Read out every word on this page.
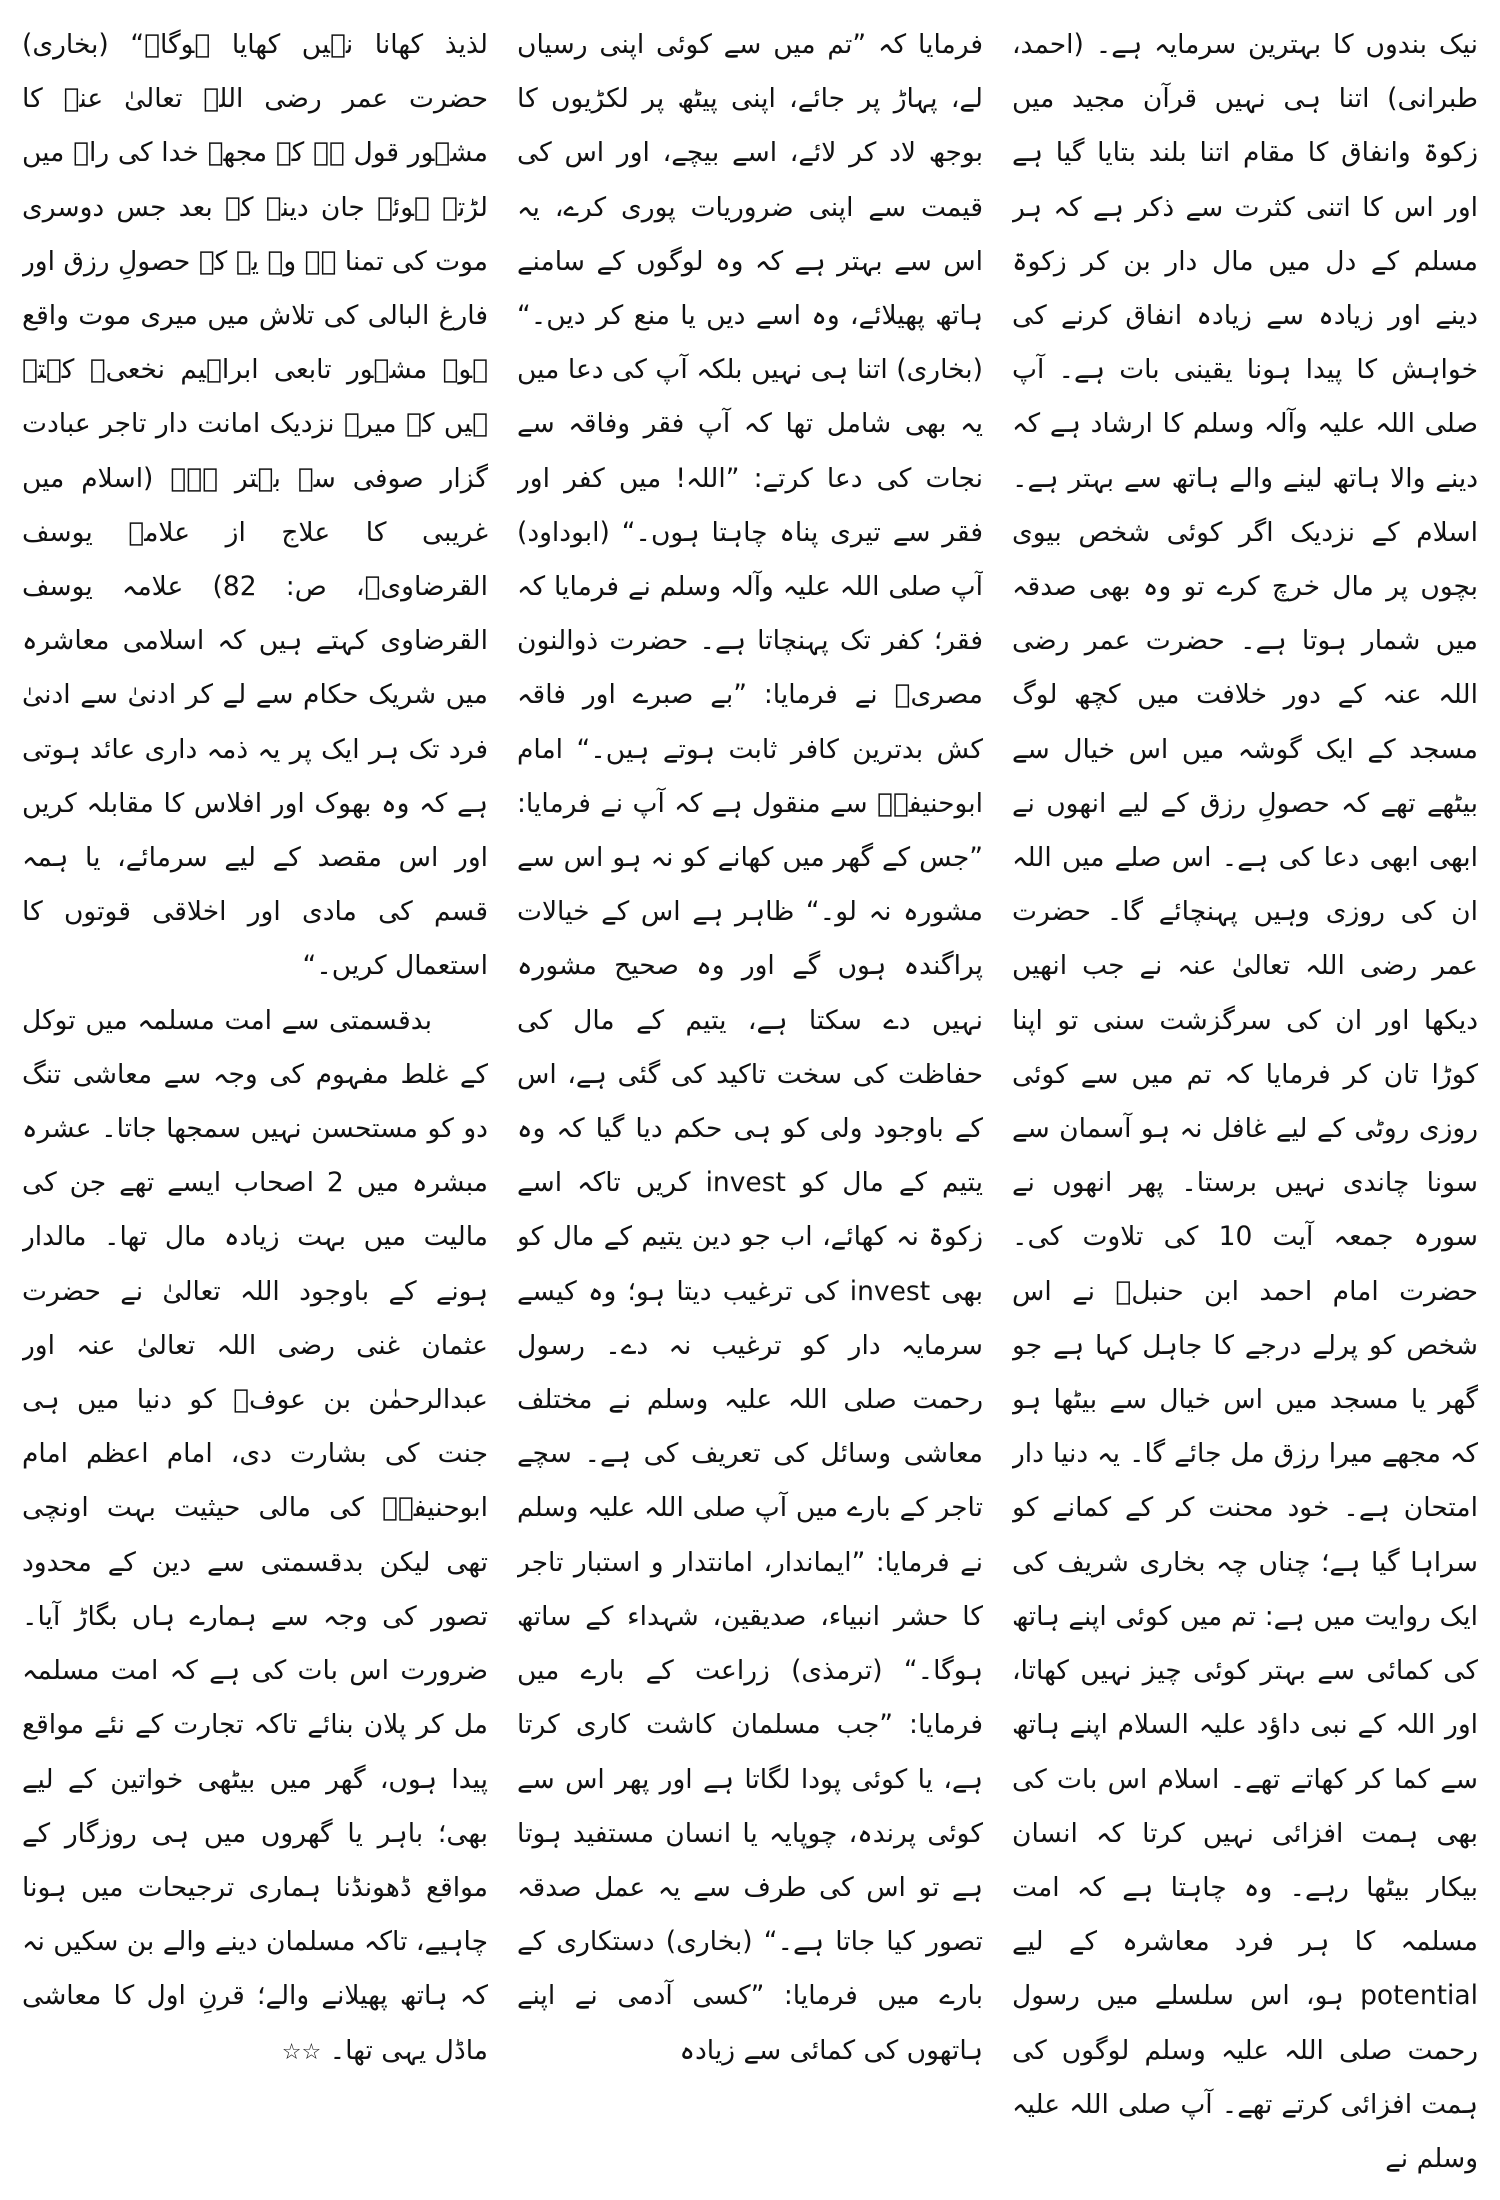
نیک بندوں کا بہترین سرمایہ ہے۔ (احمد، طبرانی) اتنا ہی نہیں قرآن مجید میں زکوۃ وانفاق کا مقام اتنا بلند بتایا گیا ہے اور اس کا اتنی کثرت سے ذکر ہے کہ ہر مسلم کے دل میں مال دار بن کر زکوۃ دینے اور زیادہ سے زیادہ انفاق کرنے کی خواہش کا پیدا ہونا یقینی بات ہے۔ آپ صلی اللہ علیہ وآلہ وسلم کا ارشاد ہے کہ دینے والا ہاتھ لینے والے ہاتھ سے بہتر ہے۔ اسلام کے نزدیک اگر کوئی شخص بیوی بچوں پر مال خرچ کرے تو وہ بھی صدقہ میں شمار ہوتا ہے۔ حضرت عمر رضی اللہ عنہ کے دور خلافت میں کچھ لوگ مسجد کے ایک گوشہ میں اس خیال سے بیٹھے تھے کہ حصولِ رزق کے لیے انھوں نے ابھی ابھی دعا کی ہے۔ اس صلے میں اللہ ان کی روزی وہیں پہنچائے گا۔ حضرت عمر رضی اللہ تعالیٰ عنہ نے جب انھیں دیکھا اور ان کی سرگزشت سنی تو اپنا کوڑا تان کر فرمایا کہ تم میں سے کوئی روزی روٹی کے لیے غافل نہ ہو آسمان سے سونا چاندی نہیں برستا۔ پھر انھوں نے سورہ جمعہ آیت 10 کی تلاوت کی۔ حضرت امام احمد ابن حنبلؒ نے اس شخص کو پرلے درجے کا جاہل کہا ہے جو گھر یا مسجد میں اس خیال سے بیٹھا ہو کہ مجھے میرا رزق مل جائے گا۔ یہ دنیا دار امتحان ہے۔ خود محنت کر کے کمانے کو سراہا گیا ہے؛ چناں چہ بخاری شریف کی ایک روایت میں ہے: تم میں کوئی اپنے ہاتھ کی کمائی سے بہتر کوئی چیز نہیں کھاتا، اور اللہ کے نبی داؤد علیہ السلام اپنے ہاتھ سے کما کر کھاتے تھے۔ اسلام اس بات کی بھی ہمت افزائی نہیں کرتا کہ انسان بیکار بیٹھا رہے۔ وہ چاہتا ہے کہ امت مسلمہ کا ہر فرد معاشرہ کے لیے potential ہو، اس سلسلے میں رسول رحمت صلی اللہ علیہ وسلم لوگوں کی ہمت افزائی کرتے تھے۔ آپ صلی اللہ علیہ وسلم نے

فرمایا کہ ”تم میں سے کوئی اپنی رسیاں لے، پہاڑ پر جائے، اپنی پیٹھ پر لکڑیوں کا بوجھ لاد کر لائے، اسے بیچے، اور اس کی قیمت سے اپنی ضروریات پوری کرے، یہ اس سے بہتر ہے کہ وہ لوگوں کے سامنے ہاتھ پھیلائے، وہ اسے دیں یا منع کر دیں۔“ (بخاری) اتنا ہی نہیں بلکہ آپ کی دعا میں یہ بھی شامل تھا کہ آپ فقر وفاقہ سے نجات کی دعا کرتے: ”اللہ! میں کفر اور فقر سے تیری پناہ چاہتا ہوں۔“ (ابوداود) آپ صلی اللہ علیہ وآلہ وسلم نے فرمایا کہ فقر؛ کفر تک پہنچاتا ہے۔ حضرت ذوالنون مصریؒ نے فرمایا: ”بے صبرے اور فاقہ کش بدترین کافر ثابت ہوتے ہیں۔“ امام ابوحنیفہؒ سے منقول ہے کہ آپ نے فرمایا: ”جس کے گھر میں کھانے کو نہ ہو اس سے مشورہ نہ لو۔“ ظاہر ہے اس کے خیالات پراگندہ ہوں گے اور وہ صحیح مشورہ نہیں دے سکتا ہے، یتیم کے مال کی حفاظت کی سخت تاکید کی گئی ہے، اس کے باوجود ولی کو ہی حکم دیا گیا کہ وہ یتیم کے مال کو invest کریں تاکہ اسے زکوۃ نہ کھائے، اب جو دین یتیم کے مال کو بھی invest کی ترغیب دیتا ہو؛ وہ کیسے سرمایہ دار کو ترغیب نہ دے۔ رسول رحمت صلی اللہ علیہ وسلم نے مختلف معاشی وسائل کی تعریف کی ہے۔ سچے تاجر کے بارے میں آپ صلی اللہ علیہ وسلم نے فرمایا: ”ایماندار، امانتدار و استبار تاجر کا حشر انبیاء، صدیقین، شہداء کے ساتھ ہوگا۔“ (ترمذی) زراعت کے بارے میں فرمایا: ”جب مسلمان کاشت کاری کرتا ہے، یا کوئی پودا لگاتا ہے اور پھر اس سے کوئی پرندہ، چوپایہ یا انسان مستفید ہوتا ہے تو اس کی طرف سے یہ عمل صدقہ تصور کیا جاتا ہے۔“ (بخاری) دستکاری کے بارے میں فرمایا: ”کسی آدمی نے اپنے ہاتھوں کی کمائی سے زیادہ

لذیذ کھانا نہیں کھایا ہوگا۔“ (بخاری) حضرت عمر رضی اللہ تعالیٰ عنہ کا مشہور قول ہے کہ مجھے خدا کی راہ میں لڑتے ہوئے جان دینے کے بعد جس دوسری موت کی تمنا ہے وہ یہ کہ حصولِ رزق اور فارغ البالی کی تلاش میں میری موت واقع ہو۔ مشہور تابعی ابراہیم نخعیؒ کہتے ہیں کہ میرے نزدیک امانت دار تاجر عبادت گزار صوفی سے بہتر ہے۔ (اسلام میں غریبی کا علاج از علامہ یوسف القرضاویؒ، ص: 82) علامہ یوسف القرضاوی کہتے ہیں کہ اسلامی معاشرہ میں شریک حکام سے لے کر ادنیٰ سے ادنیٰ فرد تک ہر ایک پر یہ ذمہ داری عائد ہوتی ہے کہ وہ بھوک اور افلاس کا مقابلہ کریں اور اس مقصد کے لیے سرمائے، یا ہمہ قسم کی مادی اور اخلاقی قوتوں کا استعمال کریں۔“

بدقسمتی سے امت مسلمہ میں توکل کے غلط مفہوم کی وجہ سے معاشی تنگ دو کو مستحسن نہیں سمجھا جاتا۔ عشرہ مبشرہ میں 2 اصحاب ایسے تھے جن کی مالیت میں بہت زیادہ مال تھا۔ مالدار ہونے کے باوجود اللہ تعالیٰ نے حضرت عثمان غنی رضی اللہ تعالیٰ عنہ اور عبدالرحمٰن بن عوفؓ کو دنیا میں ہی جنت کی بشارت دی، امام اعظم امام ابوحنیفہؒ کی مالی حیثیت بہت اونچی تھی لیکن بدقسمتی سے دین کے محدود تصور کی وجہ سے ہمارے ہاں بگاڑ آیا۔ ضرورت اس بات کی ہے کہ امت مسلمہ مل کر پلان بنائے تاکہ تجارت کے نئے مواقع پیدا ہوں، گھر میں بیٹھی خواتین کے لیے بھی؛ باہر یا گھروں میں ہی روزگار کے مواقع ڈھونڈنا ہماری ترجیحات میں ہونا چاہیے، تاکہ مسلمان دینے والے بن سکیں نہ کہ ہاتھ پھیلانے والے؛ قرنِ اول کا معاشی ماڈل یہی تھا۔ ☆☆
